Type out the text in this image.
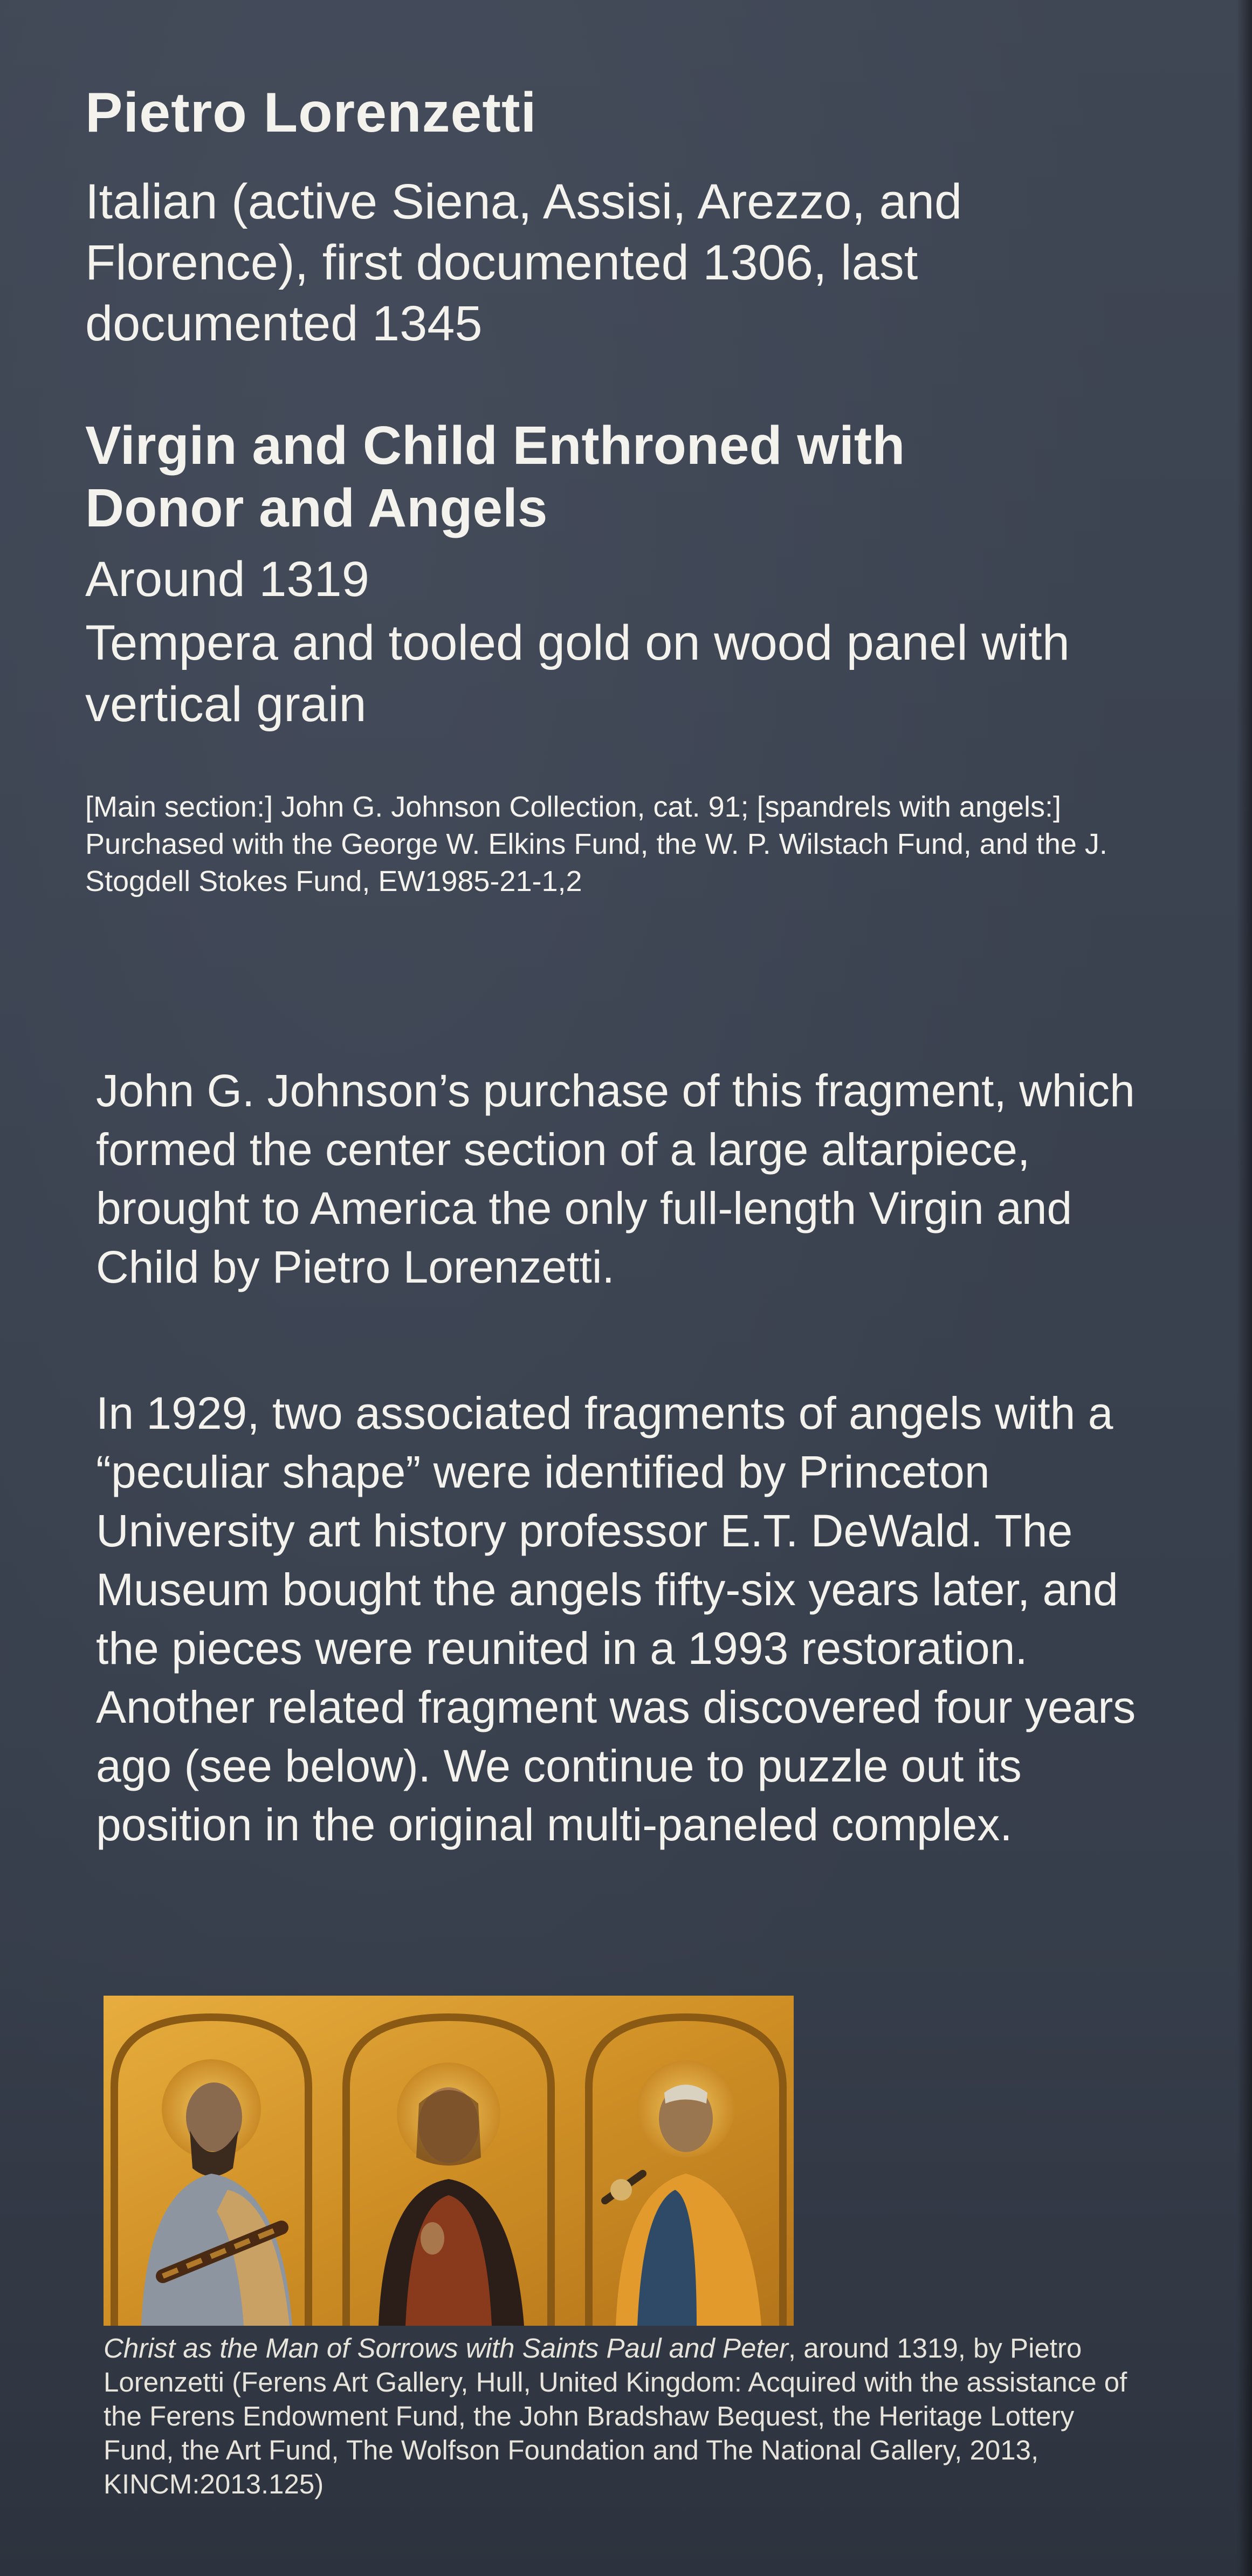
Pietro Lorenzetti
Italian (active Siena, Assisi, Arezzo, and Florence), first documented 1306, last documented 1345
Virgin and Child Enthroned with Donor and Angels
Around 1319
Tempera and tooled gold on wood panel with vertical grain
[Main section:] John G. Johnson Collection, cat. 91; [spandrels with angels:] Purchased with the George W. Elkins Fund, the W. P. Wilstach Fund, and the J. Stogdell Stokes Fund, EW1985-21-1,2
John G. Johnson’s purchase of this fragment, which formed the center section of a large altarpiece, brought to America the only full-length Virgin and Child by Pietro Lorenzetti.
In 1929, two associated fragments of angels with a “peculiar shape” were identified by Princeton University art history professor E.T. DeWald. The Museum bought the angels fifty-six years later, and the pieces were reunited in a 1993 restoration. Another related fragment was discovered four years ago (see below). We continue to puzzle out its position in the original multi-paneled complex.
Christ as the Man of Sorrows with Saints Paul and Peter, around 1319, by Pietro Lorenzetti (Ferens Art Gallery, Hull, United Kingdom: Acquired with the assistance of the Ferens Endowment Fund, the John Bradshaw Bequest, the Heritage Lottery Fund, the Art Fund, The Wolfson Foundation and The National Gallery, 2013, KINCM:2013.125)
